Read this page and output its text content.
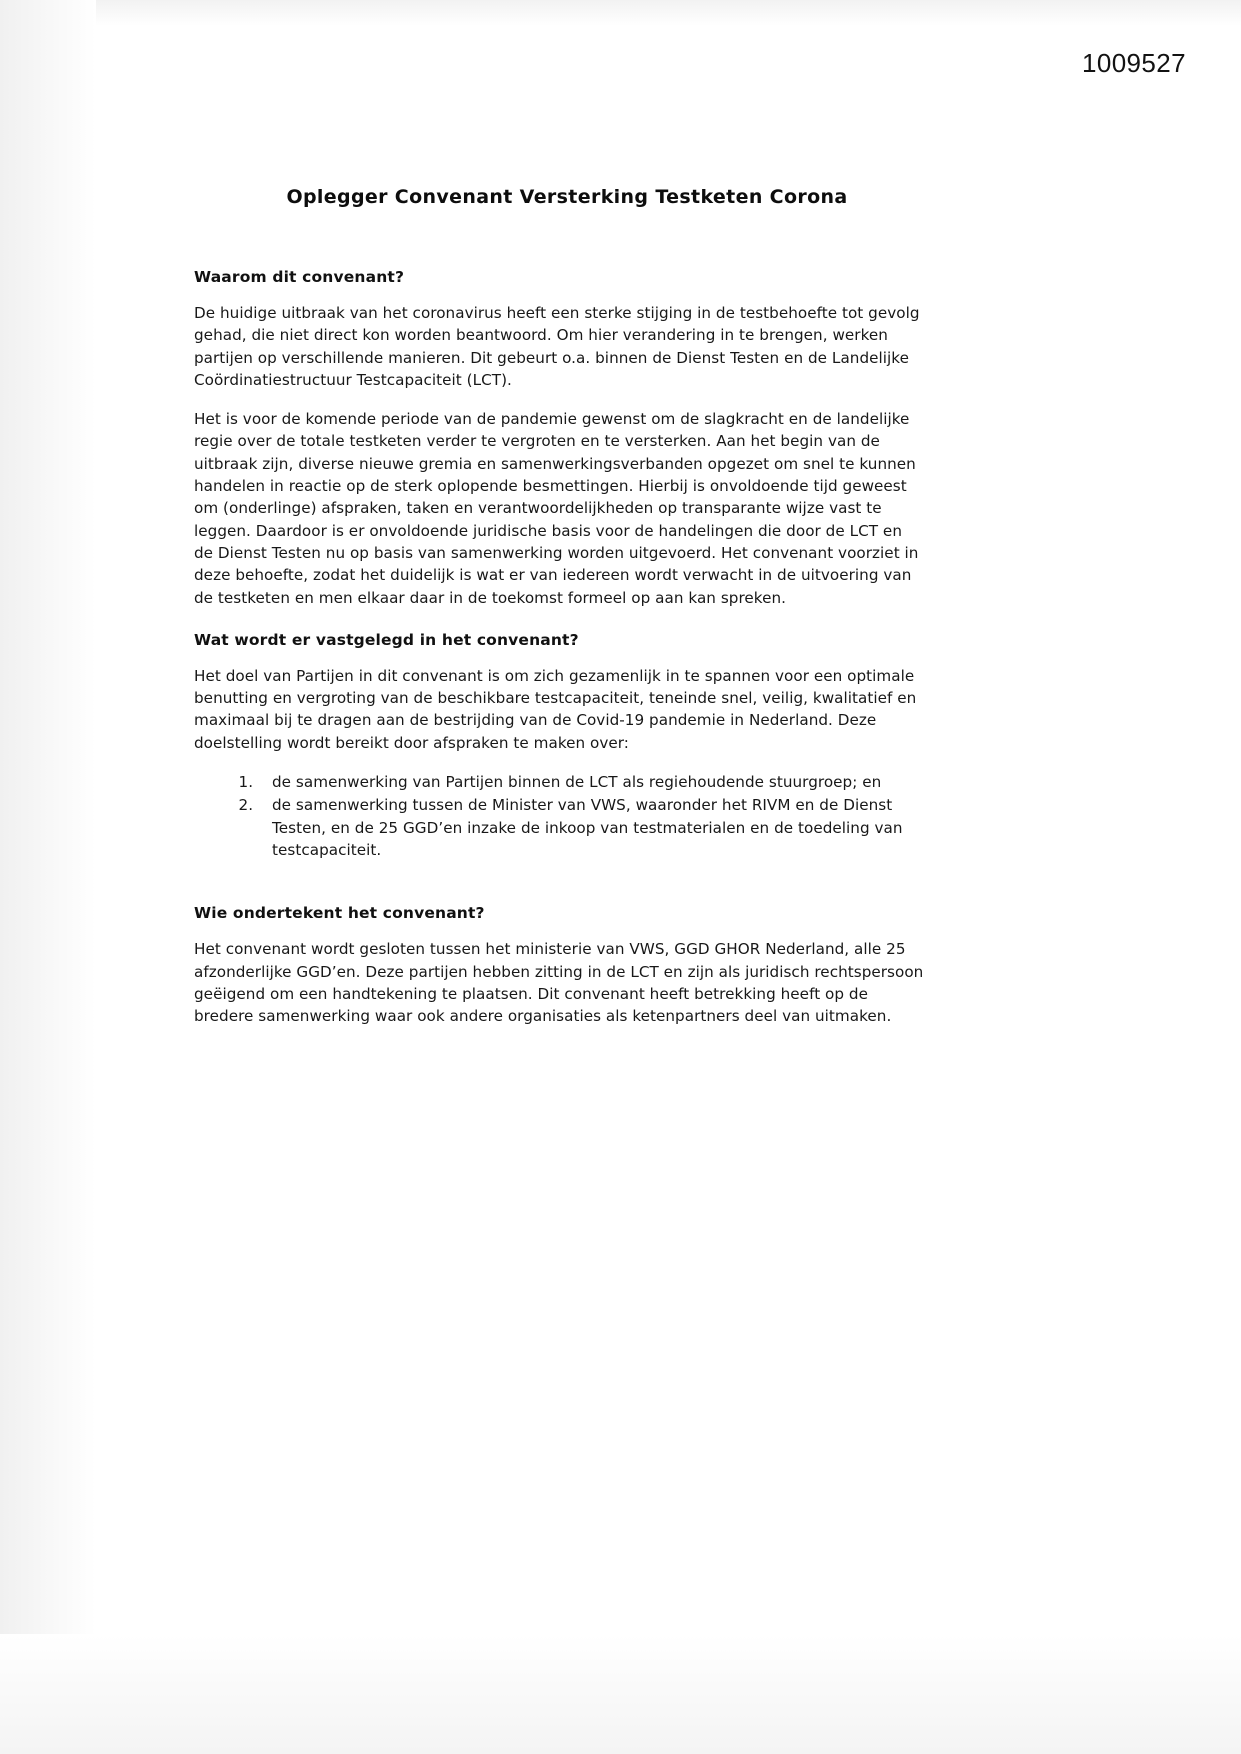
1009527
Oplegger Convenant Versterking Testketen Corona
Waarom dit convenant?

De huidige uitbraak van het coronavirus heeft een sterke stijging in de testbehoefte tot gevolg gehad, die niet direct kon worden beantwoord. Om hier verandering in te brengen, werken partijen op verschillende manieren. Dit gebeurt o.a. binnen de Dienst Testen en de Landelijke Coördinatiestructuur Testcapaciteit (LCT).

Het is voor de komende periode van de pandemie gewenst om de slagkracht en de landelijke regie over de totale testketen verder te vergroten en te versterken. Aan het begin van de uitbraak zijn, diverse nieuwe gremia en samenwerkingsverbanden opgezet om snel te kunnen handelen in reactie op de sterk oplopende besmettingen. Hierbij is onvoldoende tijd geweest om (onderlinge) afspraken, taken en verantwoordelijkheden op transparante wijze vast te leggen. Daardoor is er onvoldoende juridische basis voor de handelingen die door de LCT en de Dienst Testen nu op basis van samenwerking worden uitgevoerd. Het convenant voorziet in deze behoefte, zodat het duidelijk is wat er van iedereen wordt verwacht in de uitvoering van de testketen en men elkaar daar in de toekomst formeel op aan kan spreken.

Wat wordt er vastgelegd in het convenant?

Het doel van Partijen in dit convenant is om zich gezamenlijk in te spannen voor een optimale benutting en vergroting van de beschikbare testcapaciteit, teneinde snel, veilig, kwalitatief en maximaal bij te dragen aan de bestrijding van de Covid-19 pandemie in Nederland. Deze doelstelling wordt bereikt door afspraken te maken over:

1. de samenwerking van Partijen binnen de LCT als regiehoudende stuurgroep; en
2. de samenwerking tussen de Minister van VWS, waaronder het RIVM en de Dienst Testen, en de 25 GGD’en inzake de inkoop van testmaterialen en de toedeling van testcapaciteit.
Wie ondertekent het convenant?

Het convenant wordt gesloten tussen het ministerie van VWS, GGD GHOR Nederland, alle 25 afzonderlijke GGD’en. Deze partijen hebben zitting in de LCT en zijn als juridisch rechtspersoon geëigend om een handtekening te plaatsen. Dit convenant heeft betrekking heeft op de bredere samenwerking waar ook andere organisaties als ketenpartners deel van uitmaken.
